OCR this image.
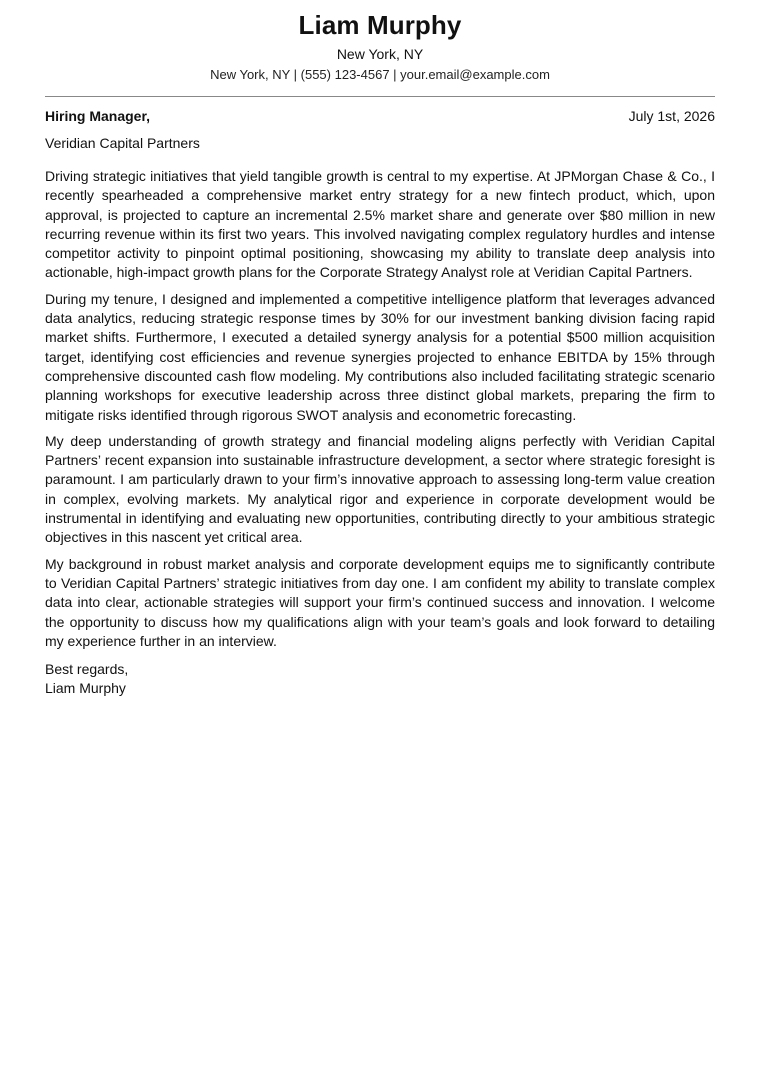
Liam Murphy
New York, NY
New York, NY | (555) 123-4567 | your.email@example.com
Hiring Manager,	July 1st, 2026
Veridian Capital Partners

Driving strategic initiatives that yield tangible growth is central to my expertise. At JPMorgan Chase & Co., I recently spearheaded a comprehensive market entry strategy for a new fintech product, which, upon approval, is projected to capture an incremental 2.5% market share and generate over $80 million in new recurring revenue within its first two years. This involved navigating complex regulatory hurdles and intense competitor activity to pinpoint optimal positioning, showcasing my ability to translate deep analysis into actionable, high-impact growth plans for the Corporate Strategy Analyst role at Veridian Capital Partners.

During my tenure, I designed and implemented a competitive intelligence platform that leverages advanced data analytics, reducing strategic response times by 30% for our investment banking division facing rapid market shifts. Furthermore, I executed a detailed synergy analysis for a potential $500 million acquisition target, identifying cost efficiencies and revenue synergies projected to enhance EBITDA by 15% through comprehensive discounted cash flow modeling. My contributions also included facilitating strategic scenario planning workshops for executive leadership across three distinct global markets, preparing the firm to mitigate risks identified through rigorous SWOT analysis and econometric forecasting.

My deep understanding of growth strategy and financial modeling aligns perfectly with Veridian Capital Partners’ recent expansion into sustainable infrastructure development, a sector where strategic foresight is paramount. I am particularly drawn to your firm’s innovative approach to assessing long-term value creation in complex, evolving markets. My analytical rigor and experience in corporate development would be instrumental in identifying and evaluating new opportunities, contributing directly to your ambitious strategic objectives in this nascent yet critical area.

My background in robust market analysis and corporate development equips me to significantly contribute to Veridian Capital Partners’ strategic initiatives from day one. I am confident my ability to translate complex data into clear, actionable strategies will support your firm’s continued success and innovation. I welcome the opportunity to discuss how my qualifications align with your team’s goals and look forward to detailing my experience further in an interview.

Best regards,
Liam Murphy
